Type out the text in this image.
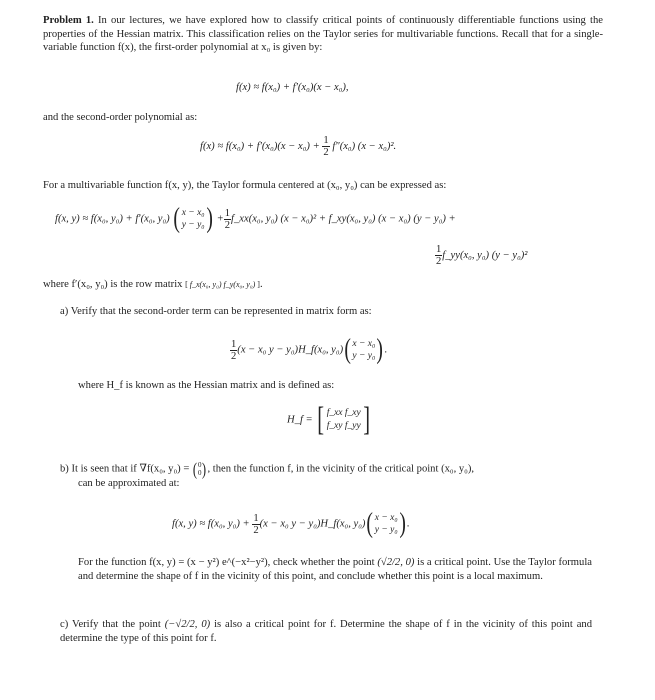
Problem 1. In our lectures, we have explored how to classify critical points of continuously differentiable functions using the properties of the Hessian matrix. This classification relies on the Taylor series for multivariable functions. Recall that for a single-variable function f(x), the first-order polynomial at x₀ is given by:
f(x) ≈ f(x₀) + f′(x₀)(x − x₀),
and the second-order polynomial as:
$f(x) \approx f(x_0) + f'(x_0)(x - x_0) + \frac{1}{2} f''(x_0) (x - x_0)^2$.
For a multivariable function f(x, y), the Taylor formula centered at (x₀, y₀) can be expressed as:
f(x, y) ≈ f(x₀, y₀) + f′(x₀, y₀) ( x − x₀
y − y₀ ) + $\frac{1}{2}$ f_xx(x₀, y₀) (x − x₀)² + f_xy(x₀, y₀) (x − x₀) (y − y₀) +
$\frac{1}{2}$ f_yy(x₀, y₀) (y − y₀)²
where f′(x₀, y₀) is the row matrix [ f_x(x₀, y₀) f_y(x₀, y₀) ].
a) Verify that the second-order term can be represented in matrix form as:
$\frac{1}{2} (x - x_0$ y − y₀)H_f(x₀, y₀)( x − x₀
y − y₀ ).
where H_f is known as the Hessian matrix and is defined as:
H_f = [ f_xx f_xy
f_xy f_yy ]
b) It is seen that if ∇f(x₀, y₀) = ( 0
0 ), then the function f, in the vicinity of the critical point (x₀, y₀),
can be approximated at:
f(x, y) ≈ f(x₀, $y_0) + \frac{1}{2} (x - x_0$ y − y₀)H_f(x₀, y₀)( x − x₀
y − y₀ ).
For the function f(x, y) = (x − y²) e^(−x²−y²), check whether the point (√2/2, 0) is a critical point. Use the Taylor formula and determine the shape of f in the vicinity of this point, and conclude whether this point is a local maximum.
c) Verify that the point (−√2/2, 0) is also a critical point for f. Determine the shape of f in the vicinity of this point and determine the type of this point for f.
